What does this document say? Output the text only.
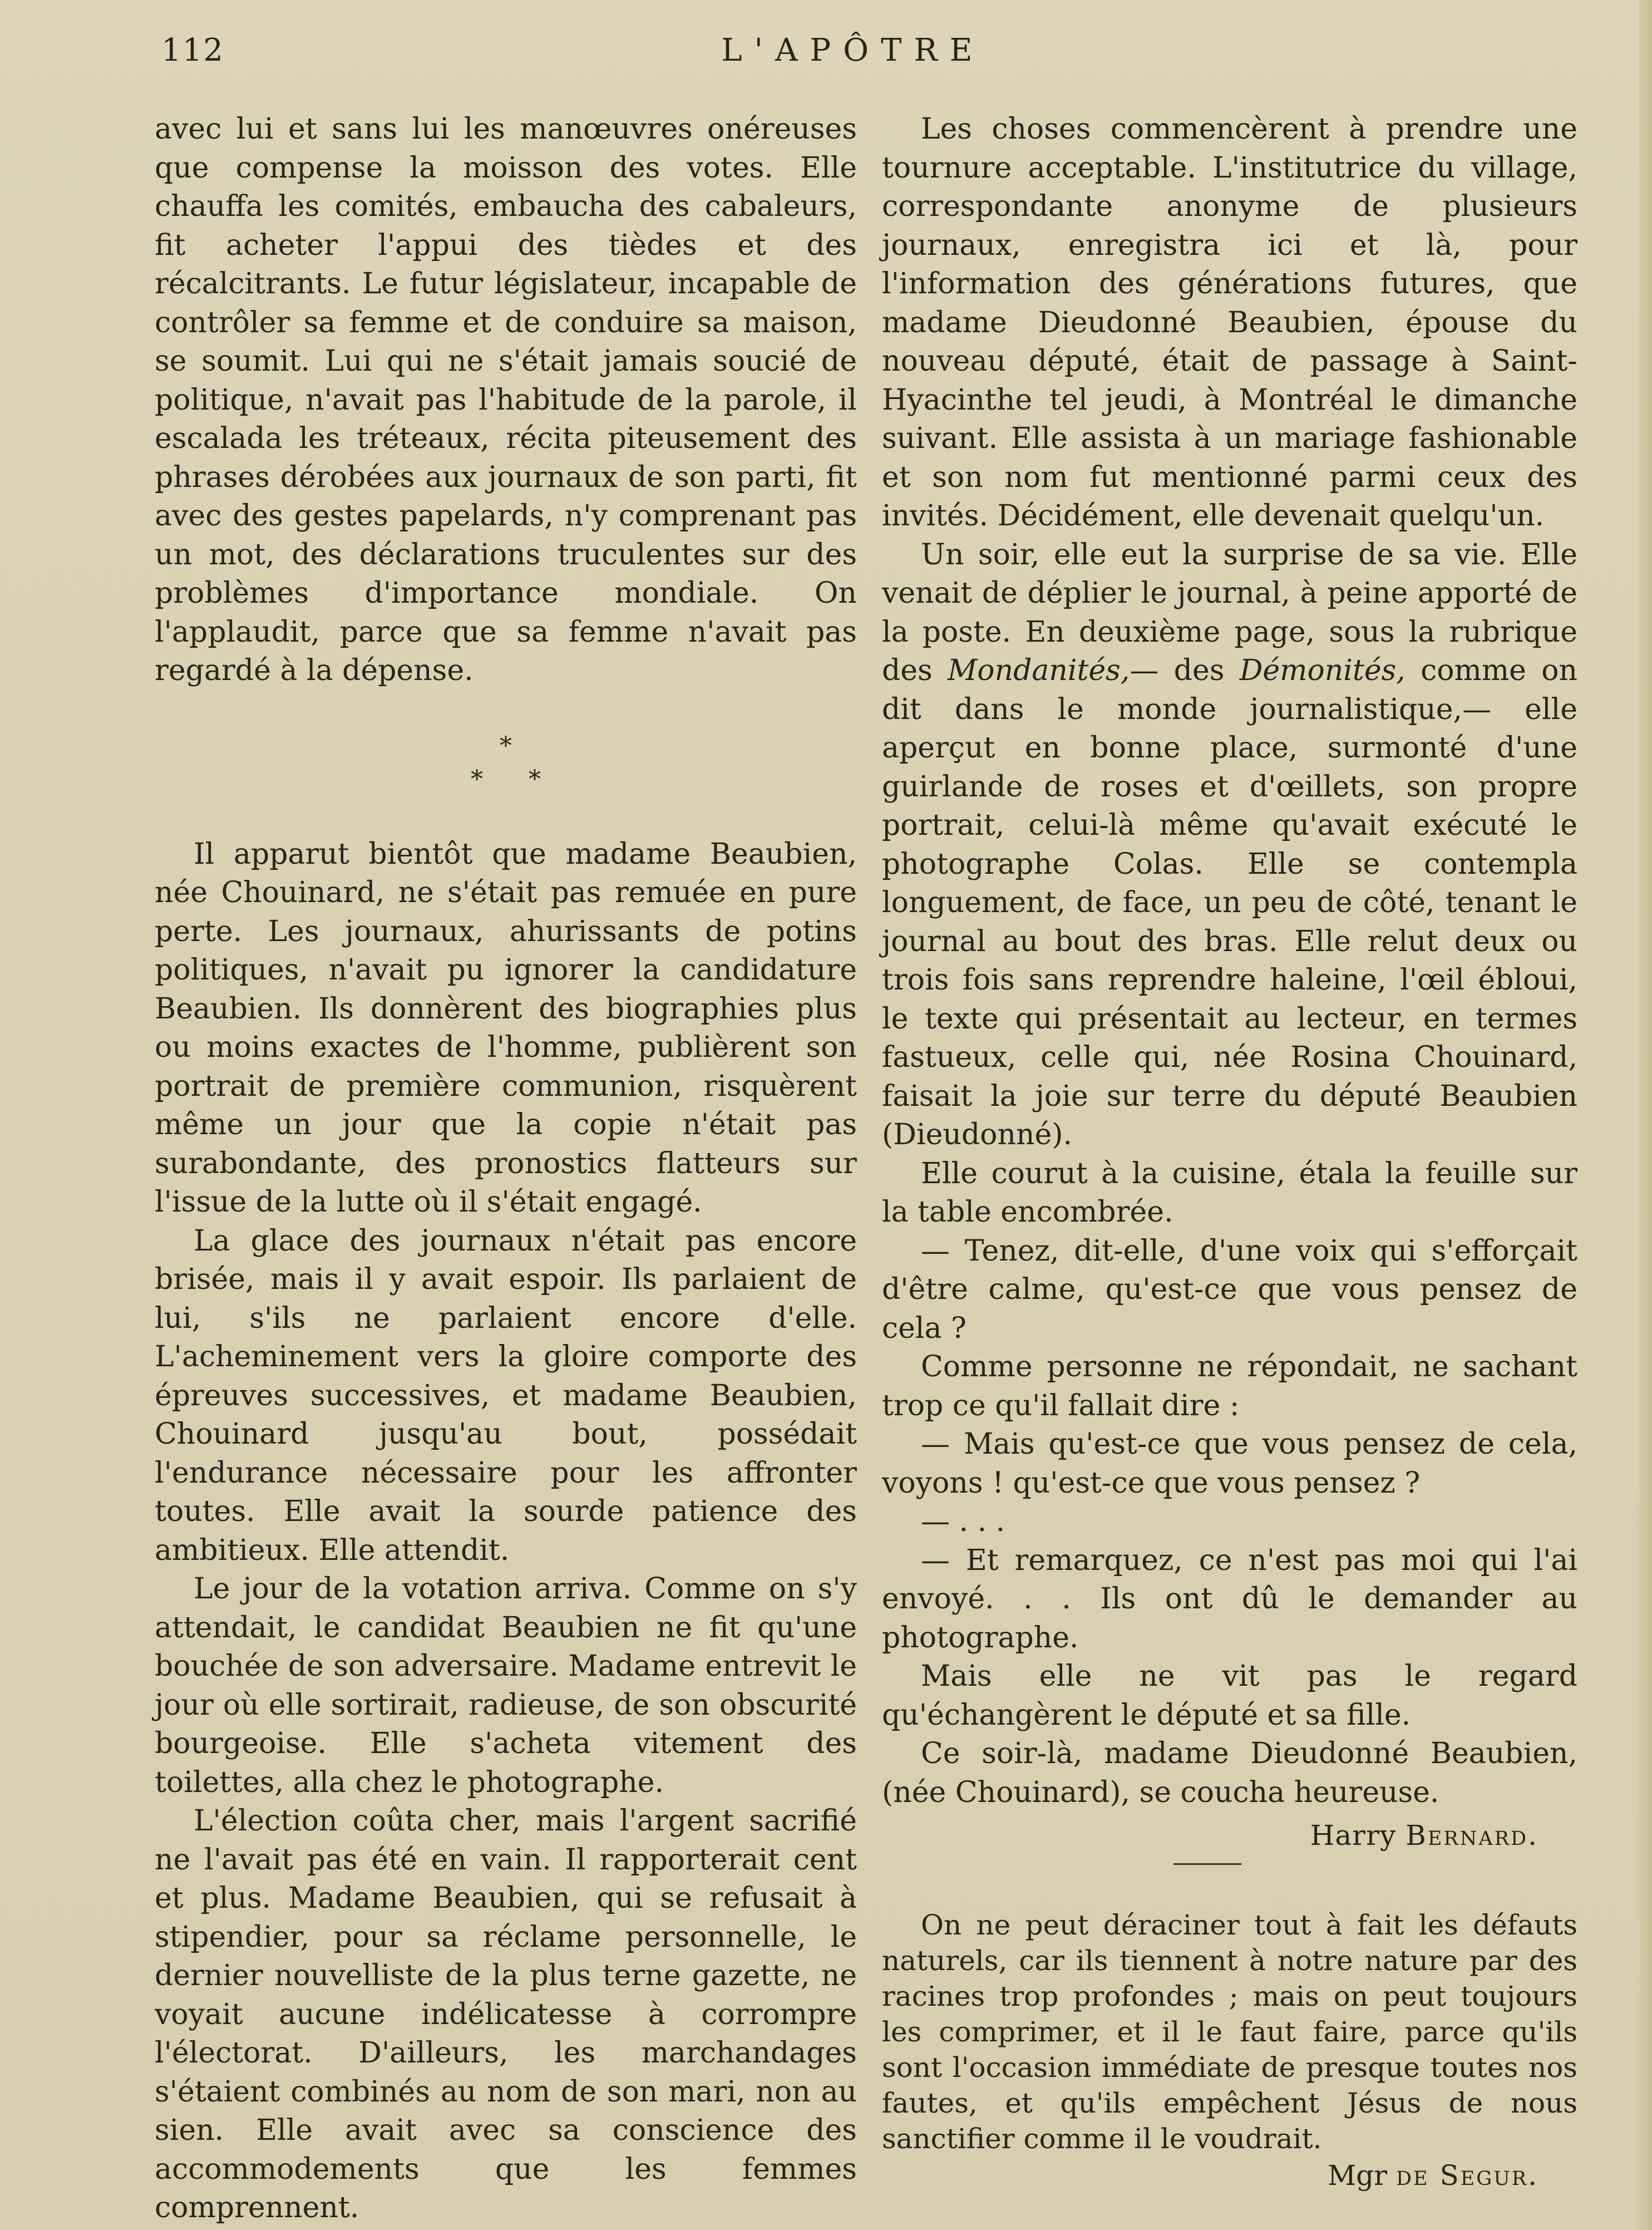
112	L'APÔTRE

avec lui et sans lui les manœuvres onéreuses que compense la moisson des votes. Elle chauffa les comités, embaucha des cabaleurs, fit acheter l'appui des tièdes et des récalcitrants. Le futur législateur, incapable de contrôler sa femme et de conduire sa maison, se soumit. Lui qui ne s'était jamais soucié de politique, n'avait pas l'habitude de la parole, il escalada les tréteaux, récita piteusement des phrases dérobées aux journaux de son parti, fit avec des gestes papelards, n'y comprenant pas un mot, des déclarations truculentes sur des problèmes d'importance mondiale. On l'applaudit, parce que sa femme n'avait pas regardé à la dépense.

*
* *

Il apparut bientôt que madame Beaubien, née Chouinard, ne s'était pas remuée en pure perte. Les journaux, ahurissants de potins politiques, n'avait pu ignorer la candidature Beaubien. Ils donnèrent des biographies plus ou moins exactes de l'homme, publièrent son portrait de première communion, risquèrent même un jour que la copie n'était pas surabondante, des pronostics flatteurs sur l'issue de la lutte où il s'était engagé.

La glace des journaux n'était pas encore brisée, mais il y avait espoir. Ils parlaient de lui, s'ils ne parlaient encore d'elle. L'acheminement vers la gloire comporte des épreuves successives, et madame Beaubien, Chouinard jusqu'au bout, possédait l'endurance nécessaire pour les affronter toutes. Elle avait la sourde patience des ambitieux. Elle attendit.

Le jour de la votation arriva. Comme on s'y attendait, le candidat Beaubien ne fit qu'une bouchée de son adversaire. Madame entrevit le jour où elle sortirait, radieuse, de son obscurité bourgeoise. Elle s'acheta vitement des toilettes, alla chez le photographe.

L'élection coûta cher, mais l'argent sacrifié ne l'avait pas été en vain. Il rapporterait cent et plus. Madame Beaubien, qui se refusait à stipendier, pour sa réclame personnelle, le dernier nouvelliste de la plus terne gazette, ne voyait aucune indélicatesse à corrompre l'électorat. D'ailleurs, les marchandages s'étaient combinés au nom de son mari, non au sien. Elle avait avec sa conscience des accommodements que les femmes comprennent.

Les choses commencèrent à prendre une tournure acceptable. L'institutrice du village, correspondante anonyme de plusieurs journaux, enregistra ici et là, pour l'information des générations futures, que madame Dieudonné Beaubien, épouse du nouveau député, était de passage à Saint-Hyacinthe tel jeudi, à Montréal le dimanche suivant. Elle assista à un mariage fashionable et son nom fut mentionné parmi ceux des invités. Décidément, elle devenait quelqu'un.

Un soir, elle eut la surprise de sa vie. Elle venait de déplier le journal, à peine apporté de la poste. En deuxième page, sous la rubrique des Mondanités,— des Démonités, comme on dit dans le monde journalistique,— elle aperçut en bonne place, surmonté d'une guirlande de roses et d'œillets, son propre portrait, celui-là même qu'avait exécuté le photographe Colas. Elle se contempla longuement, de face, un peu de côté, tenant le journal au bout des bras. Elle relut deux ou trois fois sans reprendre haleine, l'œil ébloui, le texte qui présentait au lecteur, en termes fastueux, celle qui, née Rosina Chouinard, faisait la joie sur terre du député Beaubien (Dieudonné).

Elle courut à la cuisine, étala la feuille sur la table encombrée.

— Tenez, dit-elle, d'une voix qui s'efforçait d'être calme, qu'est-ce que vous pensez de cela ?

Comme personne ne répondait, ne sachant trop ce qu'il fallait dire :

— Mais qu'est-ce que vous pensez de cela, voyons ! qu'est-ce que vous pensez ?

— . . .

— Et remarquez, ce n'est pas moi qui l'ai envoyé. . . Ils ont dû le demander au photographe.

Mais elle ne vit pas le regard qu'échangèrent le député et sa fille.

Ce soir-là, madame Dieudonné Beaubien, (née Chouinard), se coucha heureuse.

Harry Bernard.

On ne peut déraciner tout à fait les défauts naturels, car ils tiennent à notre nature par des racines trop profondes ; mais on peut toujours les comprimer, et il le faut faire, parce qu'ils sont l'occasion immédiate de presque toutes nos fautes, et qu'ils empêchent Jésus de nous sanctifier comme il le voudrait.

Mgr de Segur.
